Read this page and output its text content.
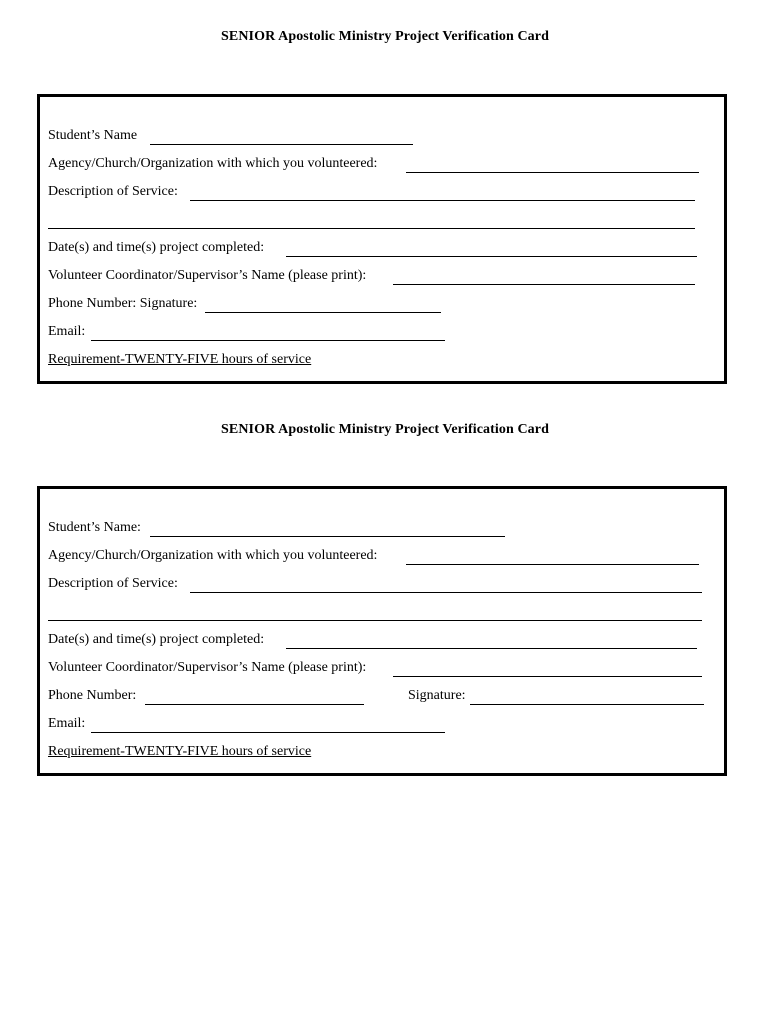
SENIOR Apostolic Ministry Project Verification Card
Student’s Name
Agency/Church/Organization with which you volunteered:
Description of Service:
Date(s) and time(s) project completed:
Volunteer Coordinator/Supervisor’s Name (please print):
Phone Number: Signature:
Email:
Requirement-TWENTY-FIVE hours of service
SENIOR Apostolic Ministry Project Verification Card
Student’s Name:
Agency/Church/Organization with which you volunteered:
Description of Service:
Date(s) and time(s) project completed:
Volunteer Coordinator/Supervisor’s Name (please print):
Phone Number:	Signature:
Email:
Requirement-TWENTY-FIVE hours of service
